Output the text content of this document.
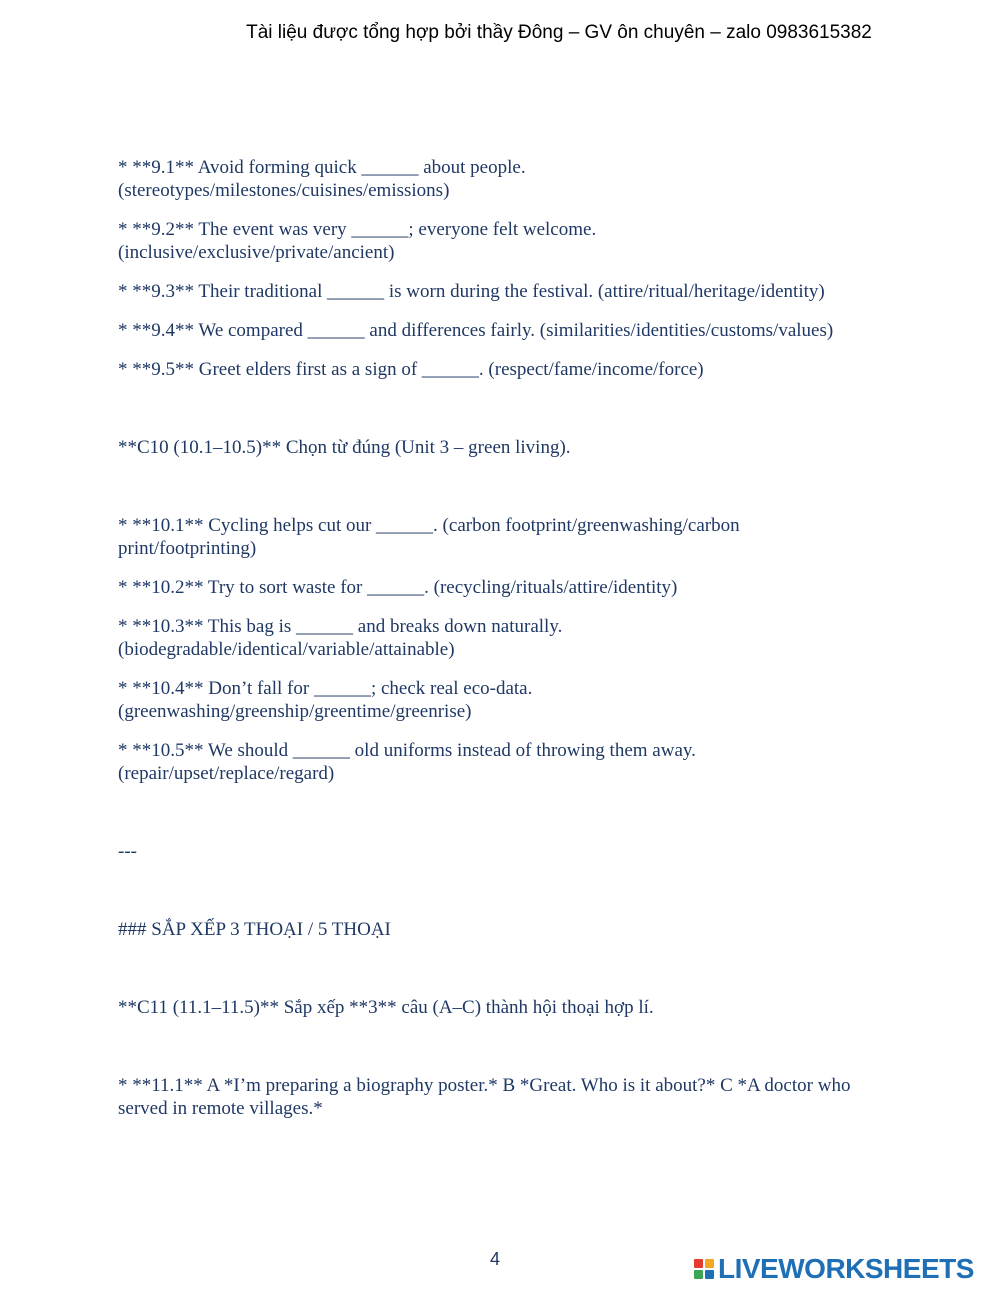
Tài liệu được tổng hợp bởi thầy Đông – GV ôn chuyên – zalo 0983615382

* **9.1** Avoid forming quick ______ about people.

(stereotypes/milestones/cuisines/emissions)

* **9.2** The event was very ______; everyone felt welcome.

(inclusive/exclusive/private/ancient)

* **9.3** Their traditional ______ is worn during the festival. (attire/ritual/heritage/identity)

* **9.4** We compared ______ and differences fairly. (similarities/identities/customs/values)

* **9.5** Greet elders first as a sign of ______. (respect/fame/income/force)

**C10 (10.1–10.5)** Chọn từ đúng (Unit 3 – green living).

* **10.1** Cycling helps cut our ______. (carbon footprint/greenwashing/carbon

print/footprinting)

* **10.2** Try to sort waste for ______. (recycling/rituals/attire/identity)

* **10.3** This bag is ______ and breaks down naturally.

(biodegradable/identical/variable/attainable)

* **10.4** Don’t fall for ______; check real eco‑data.

(greenwashing/greenship/greentime/greenrise)

* **10.5** We should ______ old uniforms instead of throwing them away.

(repair/upset/replace/regard)

---

### SẮP XẾP 3 THOẠI / 5 THOẠI

**C11 (11.1–11.5)** Sắp xếp **3** câu (A–C) thành hội thoại hợp lí.

* **11.1** A *I’m preparing a biography poster.* B *Great. Who is it about?* C *A doctor who

served in remote villages.*

4	LIVEWORKSHEETS
